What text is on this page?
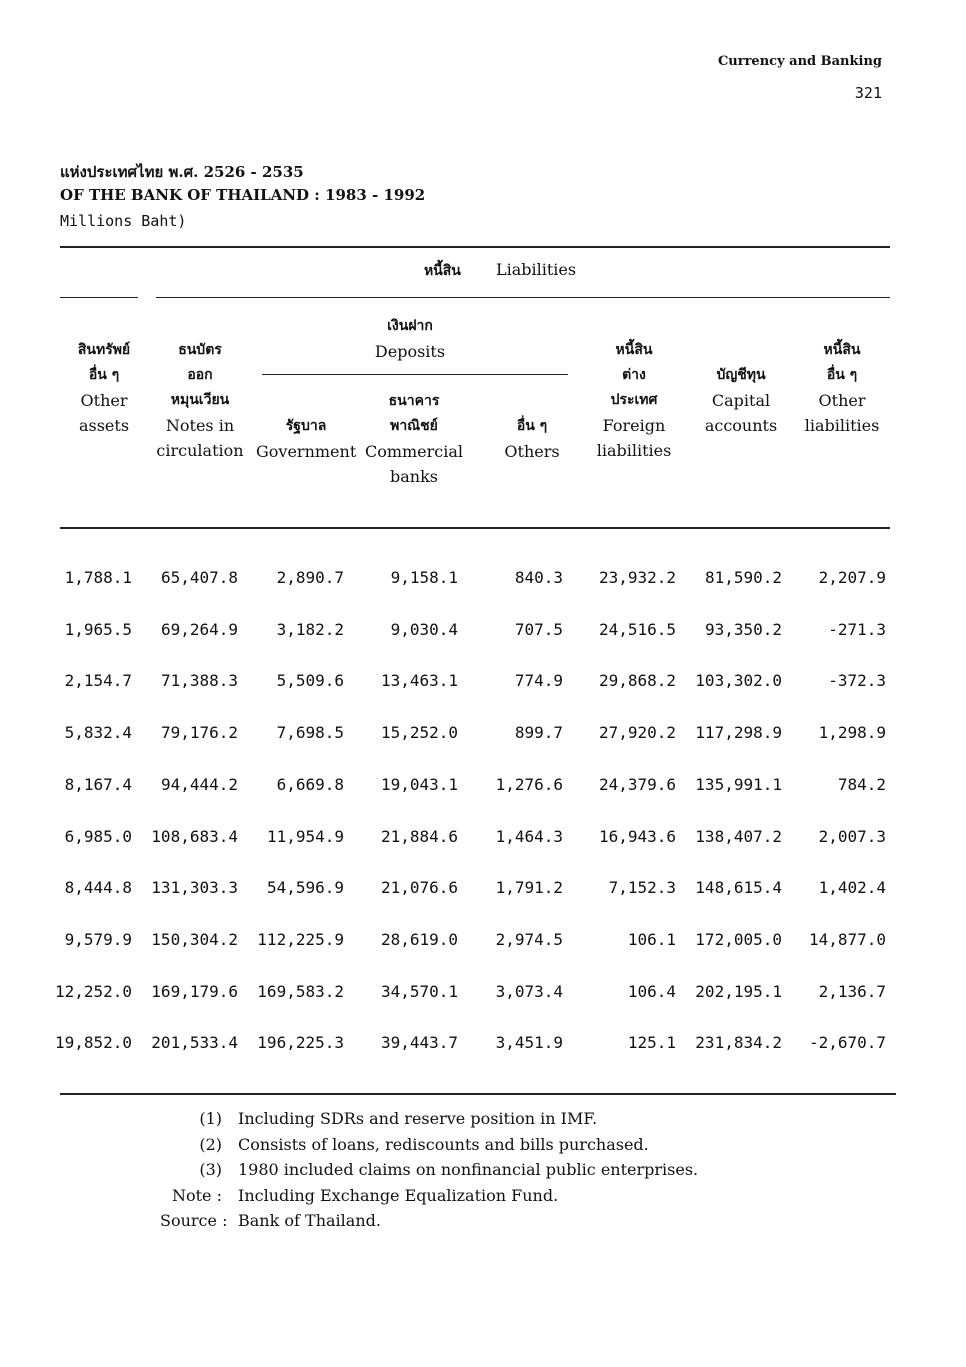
Currency and Banking
321
แห่งประเทศไทย พ.ศ. 2526 - 2535
OF THE BANK OF THAILAND : 1983 - 1992
Millions Baht)
หนี้สิน Liabilities
เงินฝาก
Deposits
สินทรัพย์
อื่น ๆ
Other
assets
ธนบัตร
ออก
หมุนเวียน
Notes in
circulation
รัฐบาล
Government
ธนาคาร
พาณิชย์
Commercial
banks
อื่น ๆ
Others
หนี้สิน
ต่าง
ประเทศ
Foreign
liabilities
บัญชีทุน
Capital
accounts
หนี้สิน
อื่น ๆ
Other
liabilities
1,788.1 65,407.8 2,890.7	9,158.1	840.3 23,932.2 81,590.2 2,207.9
1,965.5 69,264.9 3,182.2	9,030.4	707.5 24,516.5 93,350.2	-271.3
2,154.7 71,388.3 5,509.6 13,463.1	774.9 29,868.2 103,302.0	-372.3
5,832.4 79,176.2 7,698.5 15,252.0	899.7 27,920.2 117,298.9 1,298.9
8,167.4 94,444.2 6,669.8 19,043.1 1,276.6 24,379.6 135,991.1	784.2
6,985.0 108,683.4 11,954.9 21,884.6 1,464.3 16,943.6 138,407.2 2,007.3
8,444.8 131,303.3 54,596.9 21,076.6 1,791.2	7,152.3 148,615.4 1,402.4
9,579.9 150,304.2 112,225.9 28,619.0 2,974.5	106.1 172,005.0 14,877.0
12,252.0 169,179.6 169,583.2 34,570.1 3,073.4	106.4 202,195.1 2,136.7
19,852.0 201,533.4 196,225.3 39,443.7 3,451.9	125.1 231,834.2 -2,670.7
(1) Including SDRs and reserve position in IMF.
(2) Consists of loans, rediscounts and bills purchased.
(3) 1980 included claims on nonfinancial public enterprises.
Note : Including Exchange Equalization Fund.
Source : Bank of Thailand.
